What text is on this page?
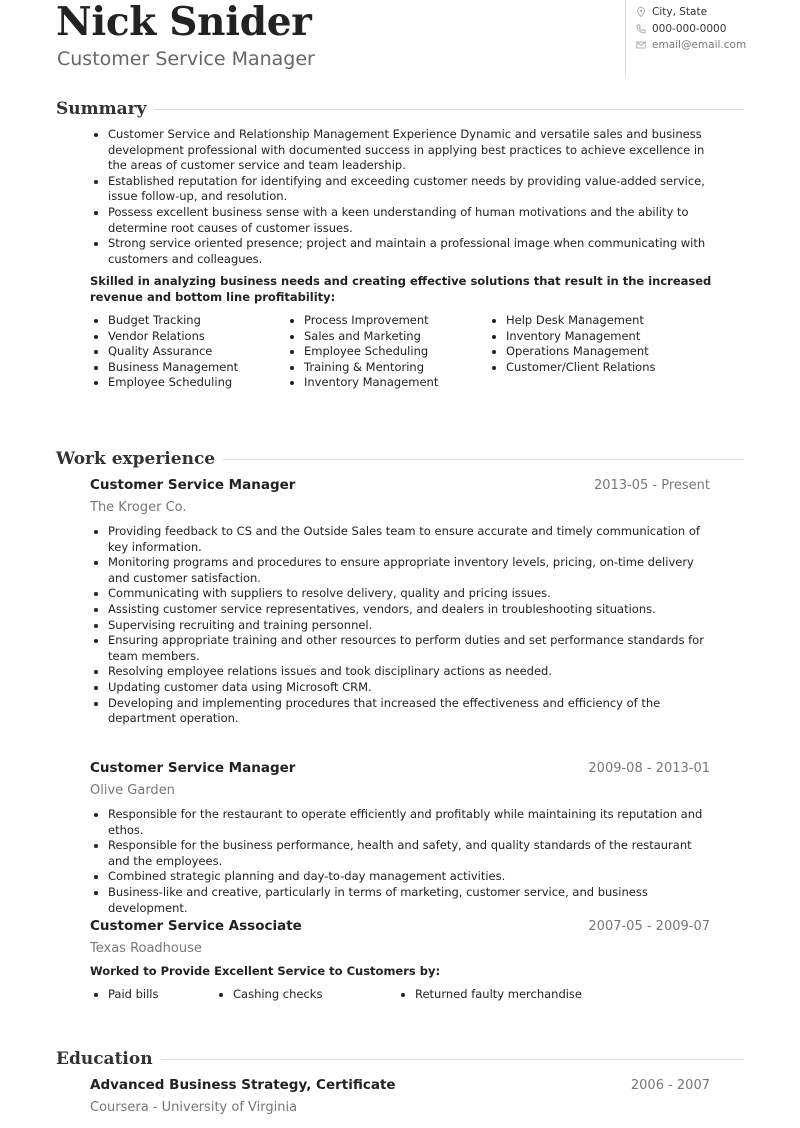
Nick Snider
Customer Service Manager
City, State
000-000-0000
email@email.com
Summary
Customer Service and Relationship Management Experience Dynamic and versatile sales and business development professional with documented success in applying best practices to achieve excellence in the areas of customer service and team leadership.
Established reputation for identifying and exceeding customer needs by providing value-added service, issue follow-up, and resolution.
Possess excellent business sense with a keen understanding of human motivations and the ability to determine root causes of customer issues.
Strong service oriented presence; project and maintain a professional image when communicating with customers and colleagues.
Skilled in analyzing business needs and creating effective solutions that result in the increased revenue and bottom line profitability:
Budget Tracking
Vendor Relations
Quality Assurance
Business Management
Employee Scheduling
Process Improvement
Sales and Marketing
Employee Scheduling
Training & Mentoring
Inventory Management
Help Desk Management
Inventory Management
Operations Management
Customer/Client Relations
Work experience
Customer Service Manager	2013-05 - Present
The Kroger Co.
Providing feedback to CS and the Outside Sales team to ensure accurate and timely communication of key information.
Monitoring programs and procedures to ensure appropriate inventory levels, pricing, on-time delivery and customer satisfaction.
Communicating with suppliers to resolve delivery, quality and pricing issues.
Assisting customer service representatives, vendors, and dealers in troubleshooting situations.
Supervising recruiting and training personnel.
Ensuring appropriate training and other resources to perform duties and set performance standards for team members.
Resolving employee relations issues and took disciplinary actions as needed.
Updating customer data using Microsoft CRM.
Developing and implementing procedures that increased the effectiveness and efficiency of the department operation.
Customer Service Manager	2009-08 - 2013-01
Olive Garden
Responsible for the restaurant to operate efficiently and profitably while maintaining its reputation and ethos.
Responsible for the business performance, health and safety, and quality standards of the restaurant and the employees.
Combined strategic planning and day-to-day management activities.
Business-like and creative, particularly in terms of marketing, customer service, and business development.
Customer Service Associate	2007-05 - 2009-07
Texas Roadhouse
Worked to Provide Excellent Service to Customers by:
Paid bills	Cashing checks	Returned faulty merchandise
Education
Advanced Business Strategy, Certificate	2006 - 2007
Coursera - University of Virginia
